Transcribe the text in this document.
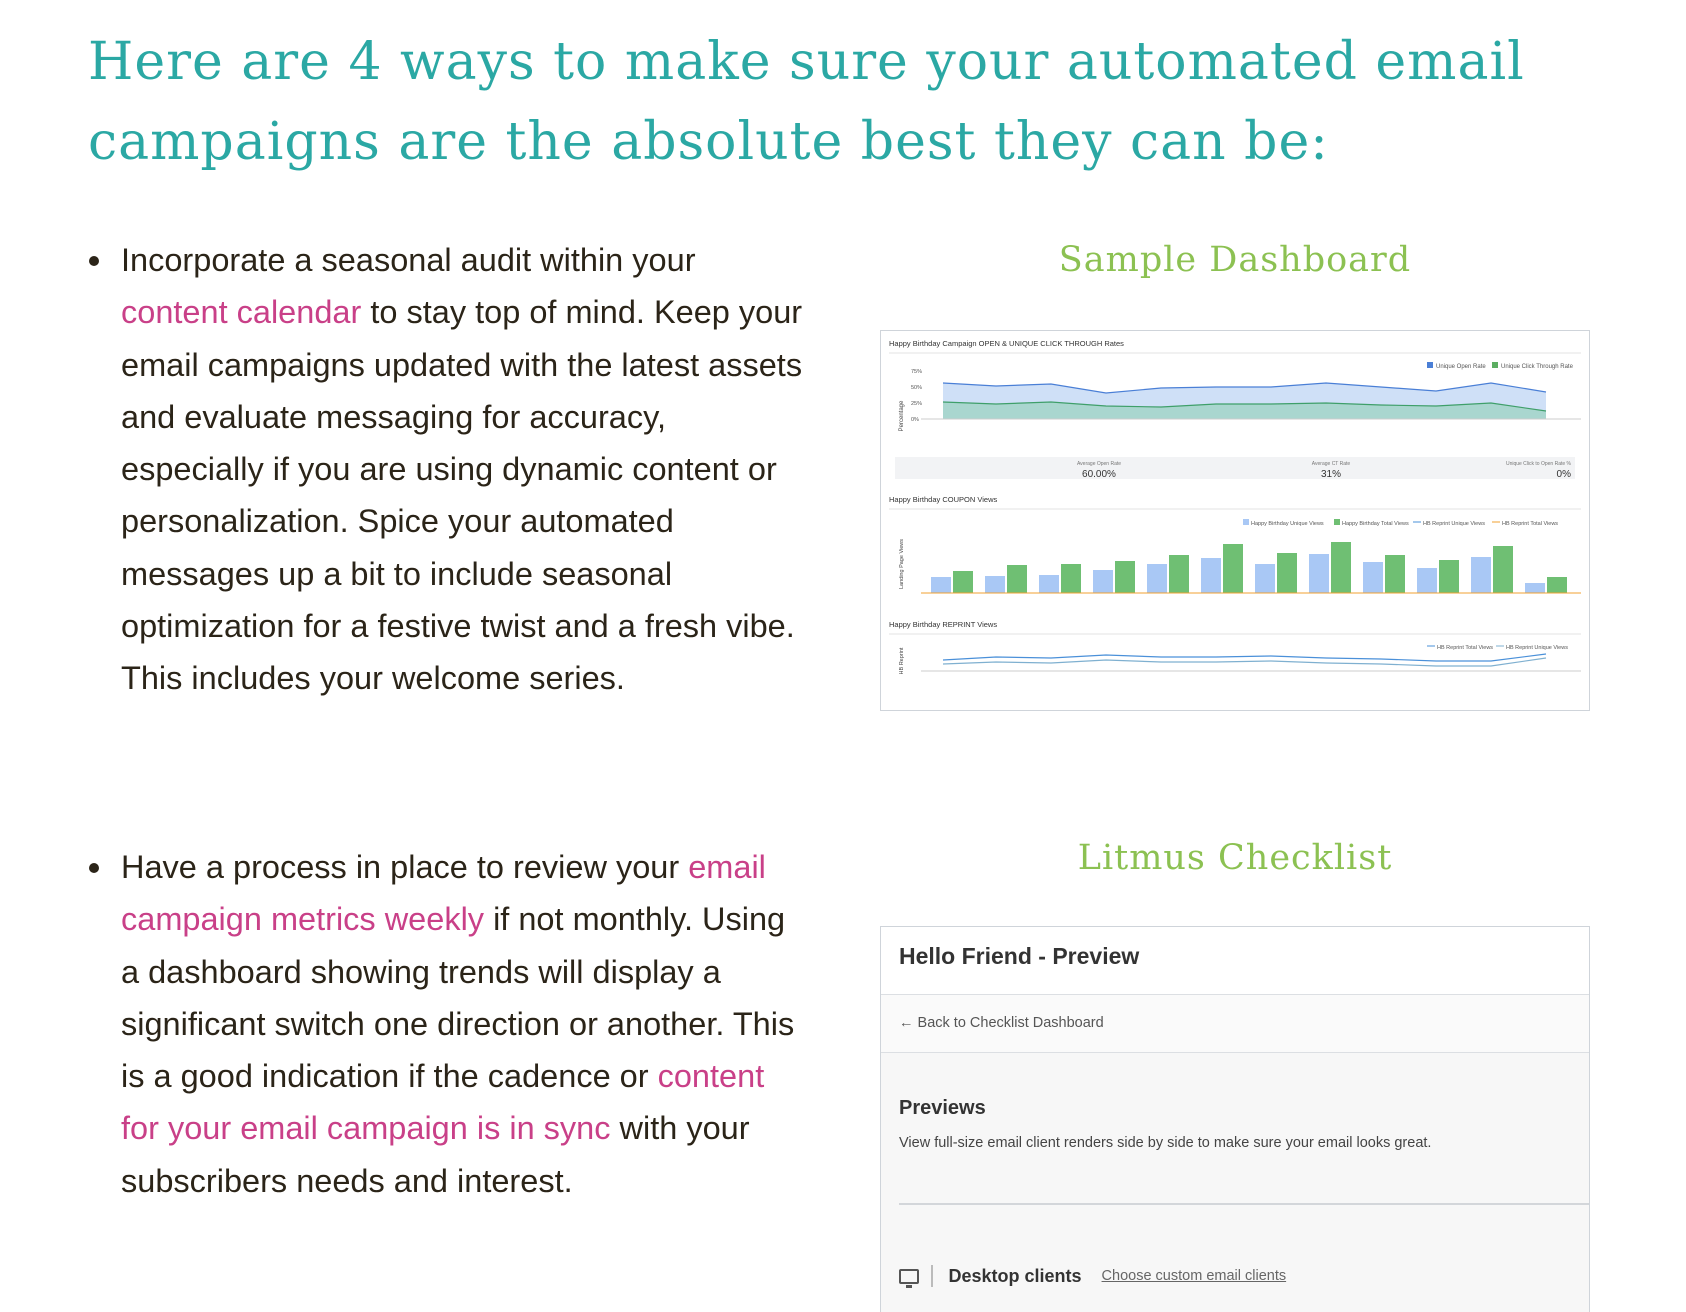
Here are 4 ways to make sure your automated email campaigns are the absolute best they can be:
Incorporate a seasonal audit within your content calendar to stay top of mind. Keep your email campaigns updated with the latest assets and evaluate messaging for accuracy, especially if you are using dynamic content or personalization. Spice your automated messages up a bit to include seasonal optimization for a festive twist and a fresh vibe. This includes your welcome series.
Have a process in place to review your email campaign metrics weekly if not monthly. Using a dashboard showing trends will display a significant switch one direction or another. This is a good indication if the cadence or content for your email campaign is in sync with your subscribers needs and interest.
Sample Dashboard
Happy Birthday Campaign OPEN & UNIQUE CLICK THROUGH Rates
Unique Open Rate	Unique Click Through Rate
Percentage
75%
50%
25%
0%
Average Open Rate
60.00%
Average CT Rate
31%
Unique Click to Open Rate %
0%
Happy Birthday COUPON Views
Happy Birthday Unique Views	Happy Birthday Total Views	HB Reprint Unique Views	HB Reprint Total Views
Landing Page Views
Happy Birthday REPRINT Views
HB Reprint Total Views HB Reprint Unique Views
HB Reprint
Litmus Checklist
Hello Friend - Preview
← Back to Checklist Dashboard
Previews
View full-size email client renders side by side to make sure your email looks great.
Desktop clients Choose custom email clients
